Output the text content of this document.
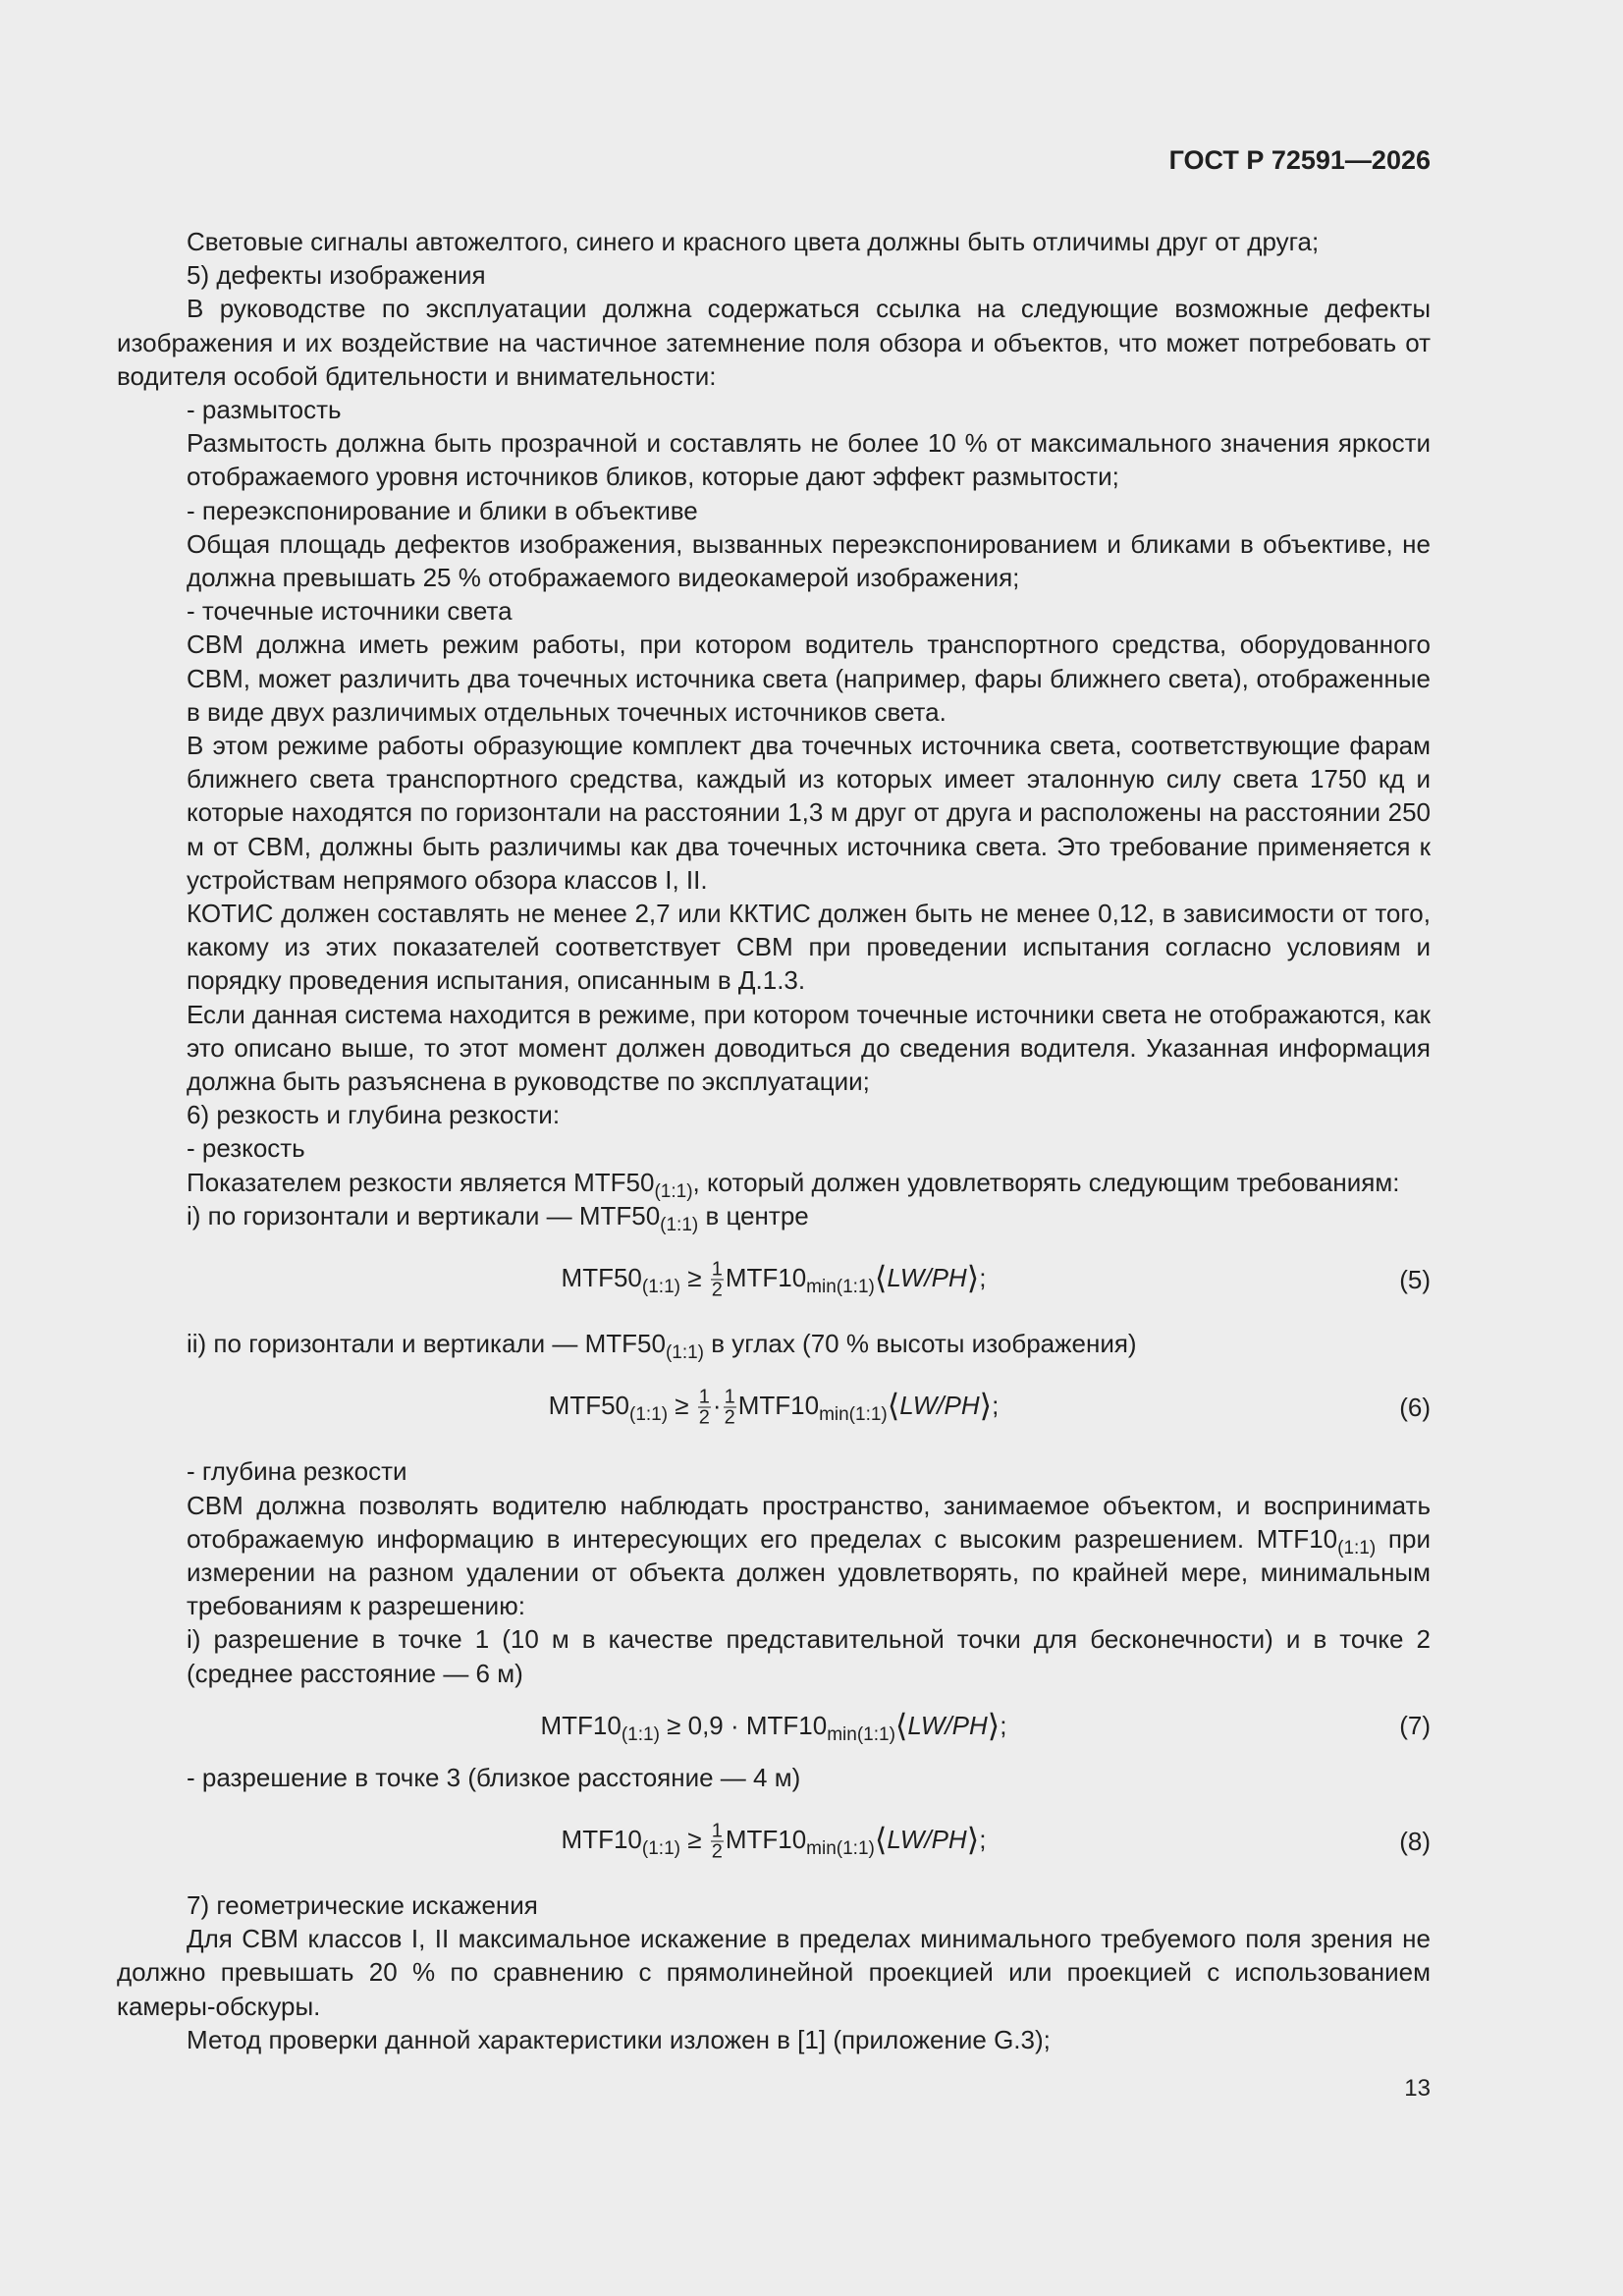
ГОСТ Р 72591—2026

Световые сигналы автожелтого, синего и красного цвета должны быть отличимы друг от друга;

5) дефекты изображения

В руководстве по эксплуатации должна содержаться ссылка на следующие возможные дефекты изображения и их воздействие на частичное затемнение поля обзора и объектов, что может потребовать от водителя особой бдительности и внимательности:

- размытость

Размытость должна быть прозрачной и составлять не более 10 % от максимального значения яркости отображаемого уровня источников бликов, которые дают эффект размытости;

- переэкспонирование и блики в объективе

Общая площадь дефектов изображения, вызванных переэкспонированием и бликами в объективе, не должна превышать 25 % отображаемого видеокамерой изображения;

- точечные источники света

СВМ должна иметь режим работы, при котором водитель транспортного средства, оборудованного СВМ, может различить два точечных источника света (например, фары ближнего света), отображенные в виде двух различимых отдельных точечных источников света.

В этом режиме работы образующие комплект два точечных источника света, соответствующие фарам ближнего света транспортного средства, каждый из которых имеет эталонную силу света 1750 кд и которые находятся по горизонтали на расстоянии 1,3 м друг от друга и расположены на расстоянии 250 м от СВМ, должны быть различимы как два точечных источника света. Это требование применяется к устройствам непрямого обзора классов I, II.

КОТИС должен составлять не менее 2,7 или ККТИС должен быть не менее 0,12, в зависимости от того, какому из этих показателей соответствует СВМ при проведении испытания согласно условиям и порядку проведения испытания, описанным в Д.1.3.

Если данная система находится в режиме, при котором точечные источники света не отображаются, как это описано выше, то этот момент должен доводиться до сведения водителя. Указанная информация должна быть разъяснена в руководстве по эксплуатации;

6) резкость и глубина резкости:

- резкость

Показателем резкости является $MTF50_{(1:1)}$, который должен удовлетворять следующим требованиям:

i) по горизонтали и вертикали — $MTF50_{(1:1)}$ в центре

$MTF50_{(1:1)} \ge \frac{1}{2}$ $MTF10_{min(1:1)}⟨LW/PH⟩$;	(5)

ii) по горизонтали и вертикали — $MTF50_{(1:1)}$ в углах (70 % высоты изображения)

$MTF50_{(1:1)} \ge \frac{1}{2} \cdot \frac{1}{2}$ $MTF10_{min(1:1)}⟨LW/PH⟩$;	(6)

- глубина резкости

СВМ должна позволять водителю наблюдать пространство, занимаемое объектом, и воспринимать отображаемую информацию в интересующих его пределах с высоким разрешением. $MTF10_{(1:1)}$ при измерении на разном удалении от объекта должен удовлетворять, по крайней мере, минимальным требованиям к разрешению:

i) разрешение в точке 1 (10 м в качестве представительной точки для бесконечности) и в точке 2 (среднее расстояние — 6 м)

$MTF10_{(1:1)} \ge 0,9$ · $MTF10_{min(1:1)}⟨LW/PH⟩$;	(7)

- разрешение в точке 3 (близкое расстояние — 4 м)

$MTF10_{(1:1)} \ge \frac{1}{2}$ $MTF10_{min(1:1)}⟨LW/PH⟩$;	(8)

7) геометрические искажения

Для СВМ классов I, II максимальное искажение в пределах минимального требуемого поля зрения не должно превышать 20 % по сравнению с прямолинейной проекцией или проекцией с использованием камеры-обскуры.

Метод проверки данной характеристики изложен в [1] (приложение G.3);

13
